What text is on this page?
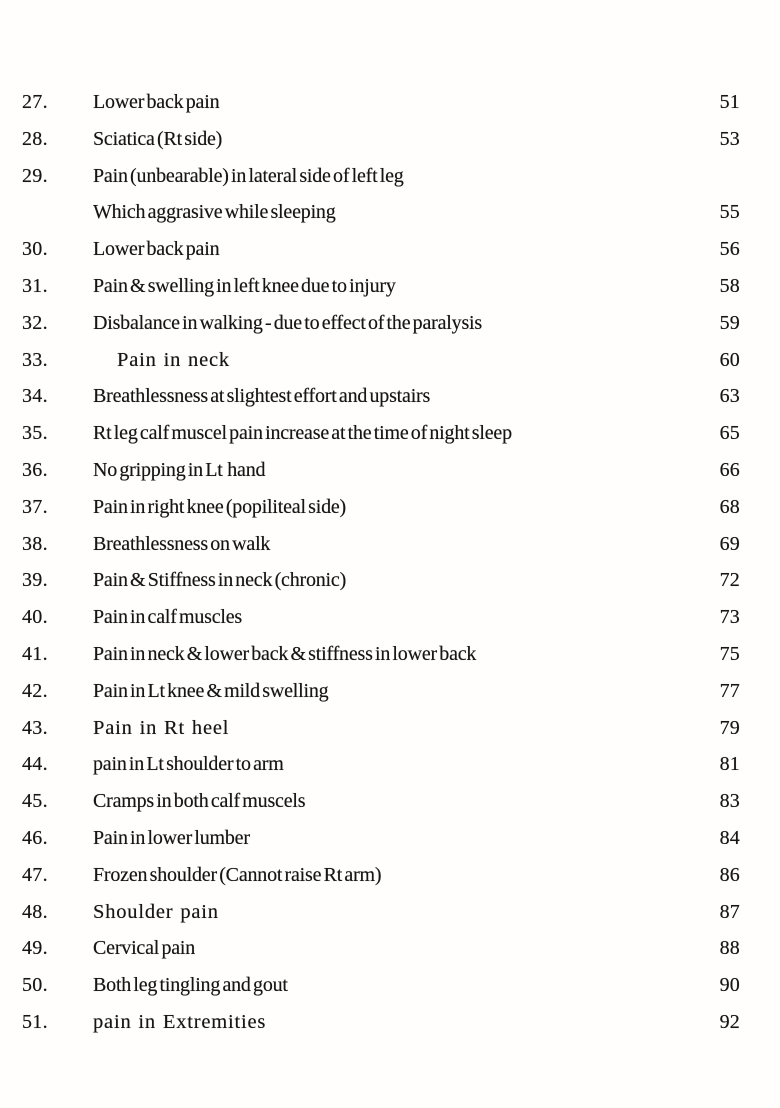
27.	Lower back pain	51
28.	Sciatica (Rt side)	53
29.	Pain (unbearable) in lateral side of left leg
Which aggrasive while sleeping	55
30.	Lower back pain	56
31.	Pain & swelling in left knee due to injury	58
32.	Disbalance in walking - due to effect of the paralysis	59
33.	Pain in neck	60
34.	Breathlessness at slightest effort and upstairs	63
35.	Rt leg calf muscel pain increase at the time of night sleep	65
36.	No gripping in Lt  hand	66
37.	Pain in right knee (popiliteal side)	68
38.	Breathlessness on walk	69
39.	Pain & Stiffness in neck (chronic)	72
40.	Pain in calf muscles	73
41.	Pain in neck & lower back & stiffness in lower back	75
42.	Pain in Lt knee & mild swelling	77
43.	Pain in Rt heel	79
44.	pain in Lt shoulder to arm	81
45.	Cramps in both calf muscels	83
46.	Pain in lower lumber	84
47.	Frozen shoulder (Cannot raise Rt arm)	86
48.	Shoulder pain	87
49.	Cervical pain	88
50.	Both leg tingling and gout	90
51.	pain in Extremities	92
